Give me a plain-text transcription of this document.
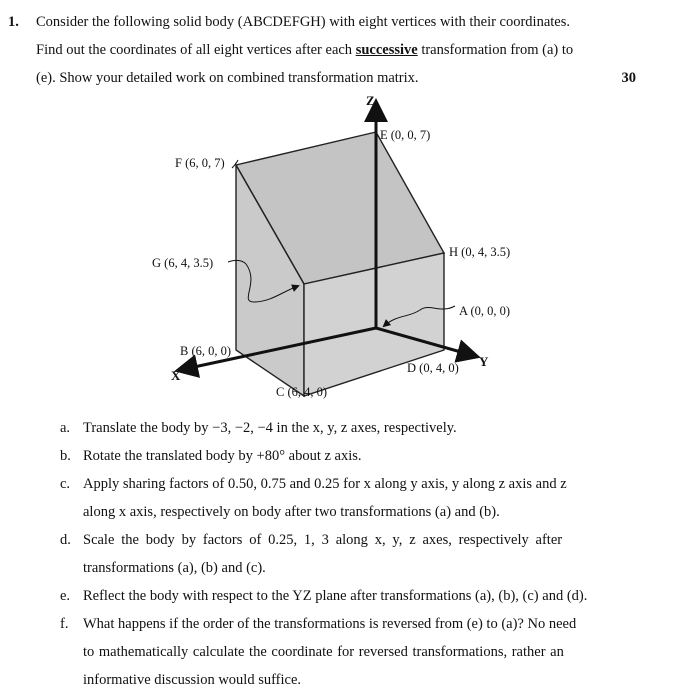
1. Consider the following solid body (ABCDEFGH) with eight vertices with their coordinates.
Find out the coordinates of all eight vertices after each successive transformation from (a) to
(e). Show your detailed work on combined transformation matrix.	30
Z
X
Y
E (0, 0, 7)
F (6, 0, 7)
G (6, 4, 3.5)
H (0, 4, 3.5)
A (0, 0, 0)
B (6, 0, 0)
C (6, 4, 0)
D (0, 4, 0)
a. Translate the body by −3, −2, −4 in the x, y, z axes, respectively.
b. Rotate the translated body by +80° about z axis.
c. Apply sharing factors of 0.50, 0.75 and 0.25 for x along y axis, y along z axis and z
along x axis, respectively on body after two transformations (a) and (b).
d. Scale the body by factors of 0.25, 1, 3 along x, y, z axes, respectively after
transformations (a), (b) and (c).
e. Reflect the body with respect to the YZ plane after transformations (a), (b), (c) and (d).
f. What happens if the order of the transformations is reversed from (e) to (a)? No need
to mathematically calculate the coordinate for reversed transformations, rather an
informative discussion would suffice.
